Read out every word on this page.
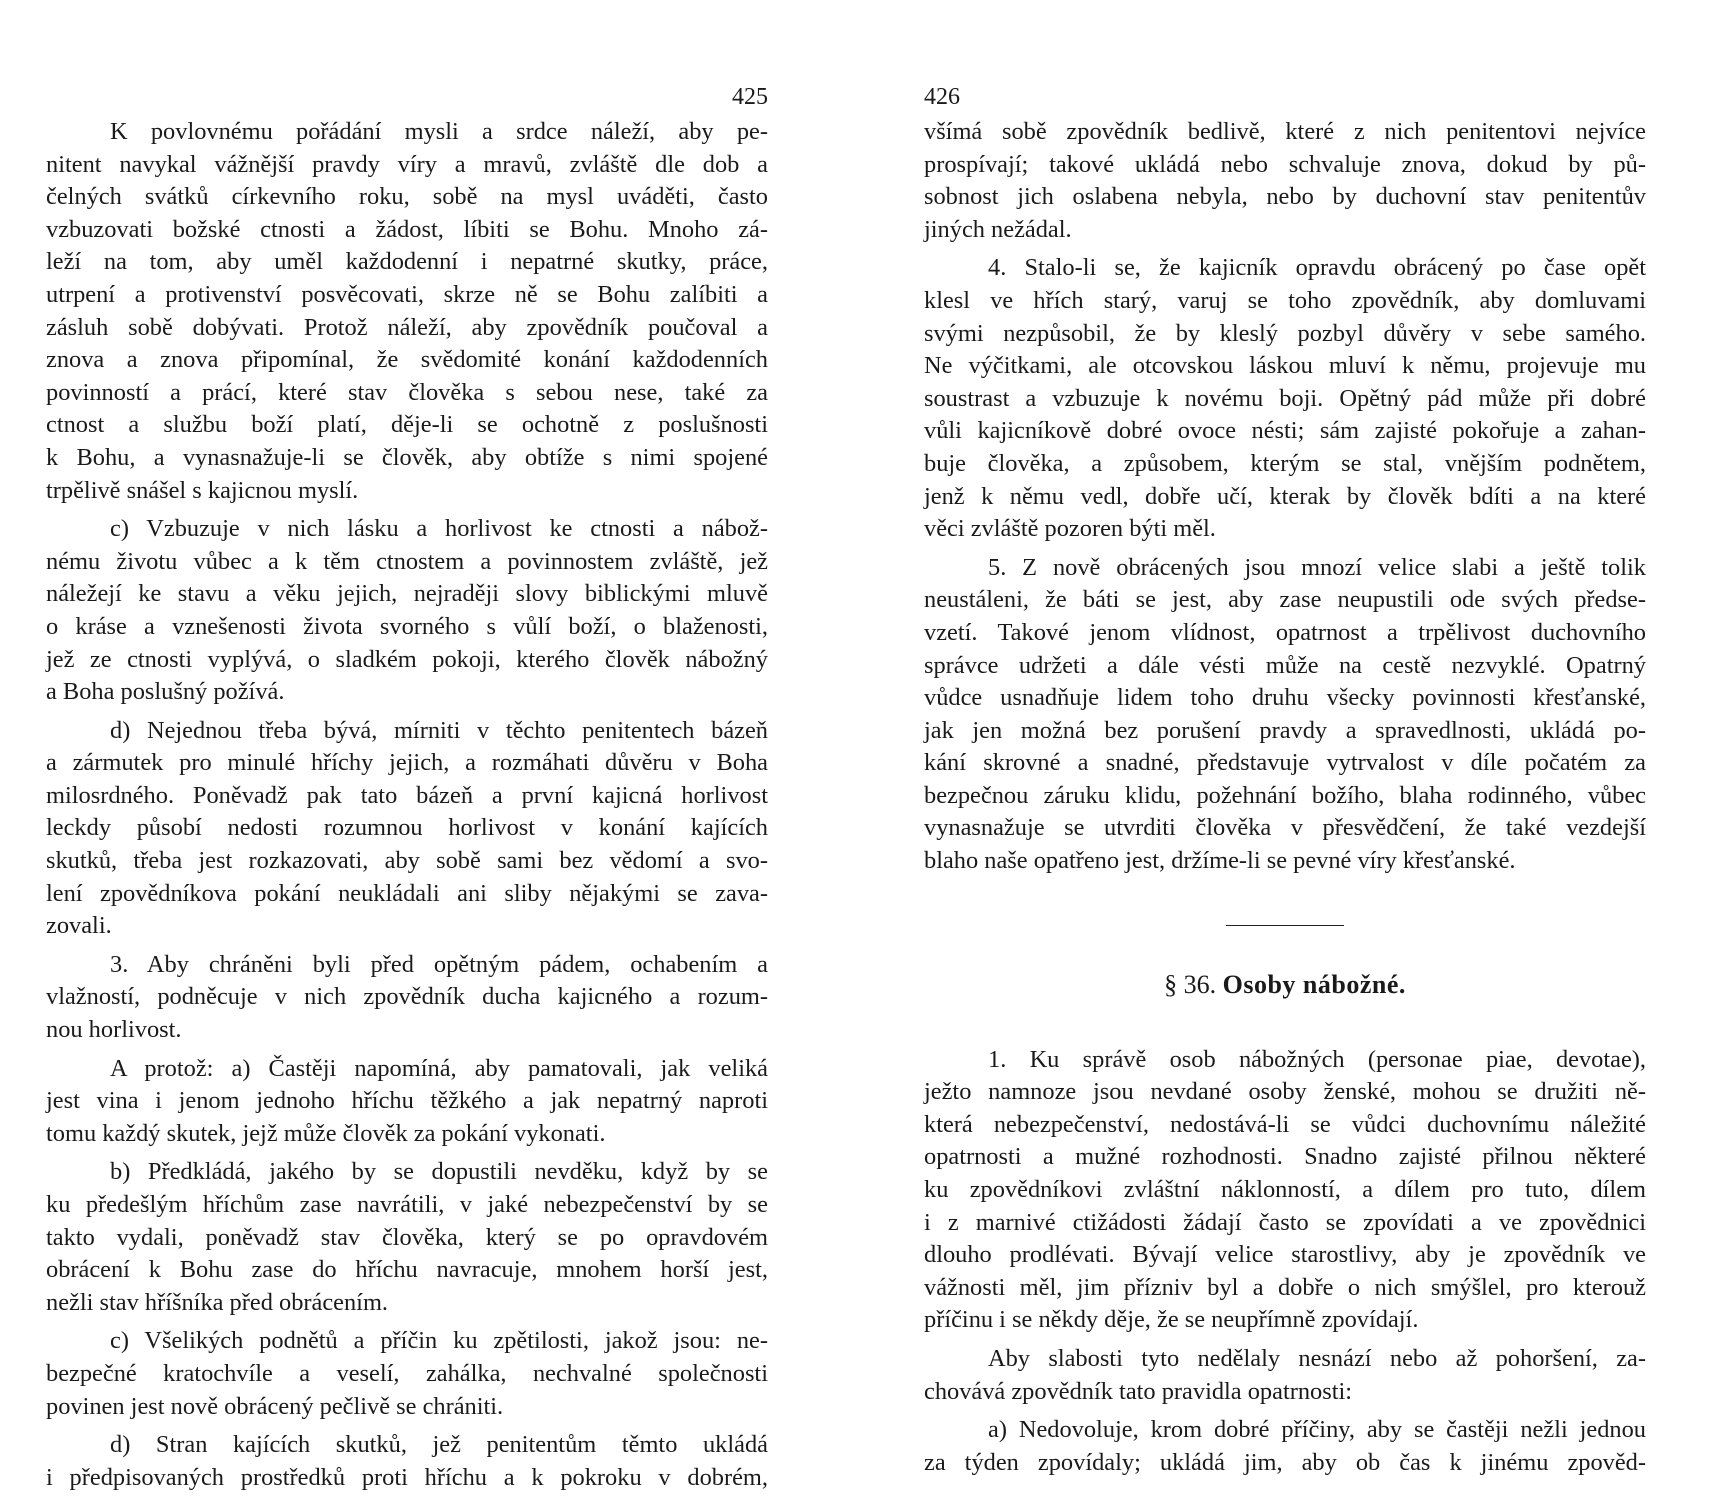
425
K povlovnému pořádání mysli a srdce náleží, aby pe-
nitent navykal vážnější pravdy víry a mravů, zvláště dle dob a
čelných svátků církevního roku, sobě na mysl uváděti, často
vzbuzovati božské ctnosti a žádost, líbiti se Bohu. Mnoho zá-
leží na tom, aby uměl každodenní i nepatrné skutky, práce,
utrpení a protivenství posvěcovati, skrze ně se Bohu zalíbiti a
zásluh sobě dobývati. Protož náleží, aby zpovědník poučoval a
znova a znova připomínal, že svědomité konání každodenních
povinností a prácí, které stav člověka s sebou nese, také za
ctnost a službu boží platí, děje-li se ochotně z poslušnosti
k Bohu, a vynasnažuje-li se člověk, aby obtíže s nimi spojené
trpělivě snášel s kajicnou myslí.
c) Vzbuzuje v nich lásku a horlivost ke ctnosti a nábož-
nému životu vůbec a k těm ctnostem a povinnostem zvláště, jež
náležejí ke stavu a věku jejich, nejraději slovy biblickými mluvě
o kráse a vznešenosti života svorného s vůlí boží, o blaženosti,
jež ze ctnosti vyplývá, o sladkém pokoji, kterého člověk nábožný
a Boha poslušný požívá.
d) Nejednou třeba bývá, mírniti v těchto penitentech bázeň
a zármutek pro minulé hříchy jejich, a rozmáhati důvěru v Boha
milosrdného. Poněvadž pak tato bázeň a první kajicná horlivost
leckdy působí nedosti rozumnou horlivost v konání kajících
skutků, třeba jest rozkazovati, aby sobě sami bez vědomí a svo-
lení zpovědníkova pokání neukládali ani sliby nějakými se zava-
zovali.
3. Aby chráněni byli před opětným pádem, ochabením a
vlažností, podněcuje v nich zpovědník ducha kajicného a rozum-
nou horlivost.
A protož: a) Častěji napomíná, aby pamatovali, jak veliká
jest vina i jenom jednoho hříchu těžkého a jak nepatrný naproti
tomu každý skutek, jejž může člověk za pokání vykonati.
b) Předkládá, jakého by se dopustili nevděku, když by se
ku předešlým hříchům zase navrátili, v jaké nebezpečenství by se
takto vydali, poněvadž stav člověka, který se po opravdovém
obrácení k Bohu zase do hříchu navracuje, mnohem horší jest,
nežli stav hříšníka před obrácením.
c) Všelikých podnětů a příčin ku zpětilosti, jakož jsou: ne-
bezpečné kratochvíle a veselí, zahálka, nechvalné společnosti
povinen jest nově obrácený pečlivě se chrániti.
d) Stran kajících skutků, jež penitentům těmto ukládá
i předpisovaných prostředků proti hříchu a k pokroku v dobrém,
426
všímá sobě zpovědník bedlivě, které z nich penitentovi nejvíce
prospívají; takové ukládá nebo schvaluje znova, dokud by pů-
sobnost jich oslabena nebyla, nebo by duchovní stav penitentův
jiných nežádal.
4. Stalo-li se, že kajicník opravdu obrácený po čase opět
klesl ve hřích starý, varuj se toho zpovědník, aby domluvami
svými nezpůsobil, že by kleslý pozbyl důvěry v sebe samého.
Ne výčitkami, ale otcovskou láskou mluví k němu, projevuje mu
soustrast a vzbuzuje k novému boji. Opětný pád může při dobré
vůli kajicníkově dobré ovoce nésti; sám zajisté pokořuje a zahan-
buje člověka, a způsobem, kterým se stal, vnějším podnětem,
jenž k němu vedl, dobře učí, kterak by člověk bdíti a na které
věci zvláště pozoren býti měl.
5. Z nově obrácených jsou mnozí velice slabi a ještě tolik
neustáleni, že báti se jest, aby zase neupustili ode svých předse-
vzetí. Takové jenom vlídnost, opatrnost a trpělivost duchovního
správce udržeti a dále vésti může na cestě nezvyklé. Opatrný
vůdce usnadňuje lidem toho druhu všecky povinnosti křesťanské,
jak jen možná bez porušení pravdy a spravedlnosti, ukládá po-
kání skrovné a snadné, představuje vytrvalost v díle počatém za
bezpečnou záruku klidu, požehnání božího, blaha rodinného, vůbec
vynasnažuje se utvrditi člověka v přesvědčení, že také vezdejší
blaho naše opatřeno jest, držíme-li se pevné víry křesťanské.
§ 36. Osoby nábožné.
1. Ku správě osob nábožných (personae piae, devotae),
ježto namnoze jsou nevdané osoby ženské, mohou se družiti ně-
která nebezpečenství, nedostává-li se vůdci duchovnímu náležité
opatrnosti a mužné rozhodnosti. Snadno zajisté přilnou některé
ku zpovědníkovi zvláštní náklonností, a dílem pro tuto, dílem
i z marnivé ctižádosti žádají často se zpovídati a ve zpovědnici
dlouho prodlévati. Bývají velice starostlivy, aby je zpovědník ve
vážnosti měl, jim přízniv byl a dobře o nich smýšlel, pro kterouž
příčinu i se někdy děje, že se neupřímně zpovídají.
Aby slabosti tyto nedělaly nesnází nebo až pohoršení, za-
chovává zpovědník tato pravidla opatrnosti:
a) Nedovoluje, krom dobré příčiny, aby se častěji nežli jednou
za týden zpovídaly; ukládá jim, aby ob čas k jinému zpověd-
